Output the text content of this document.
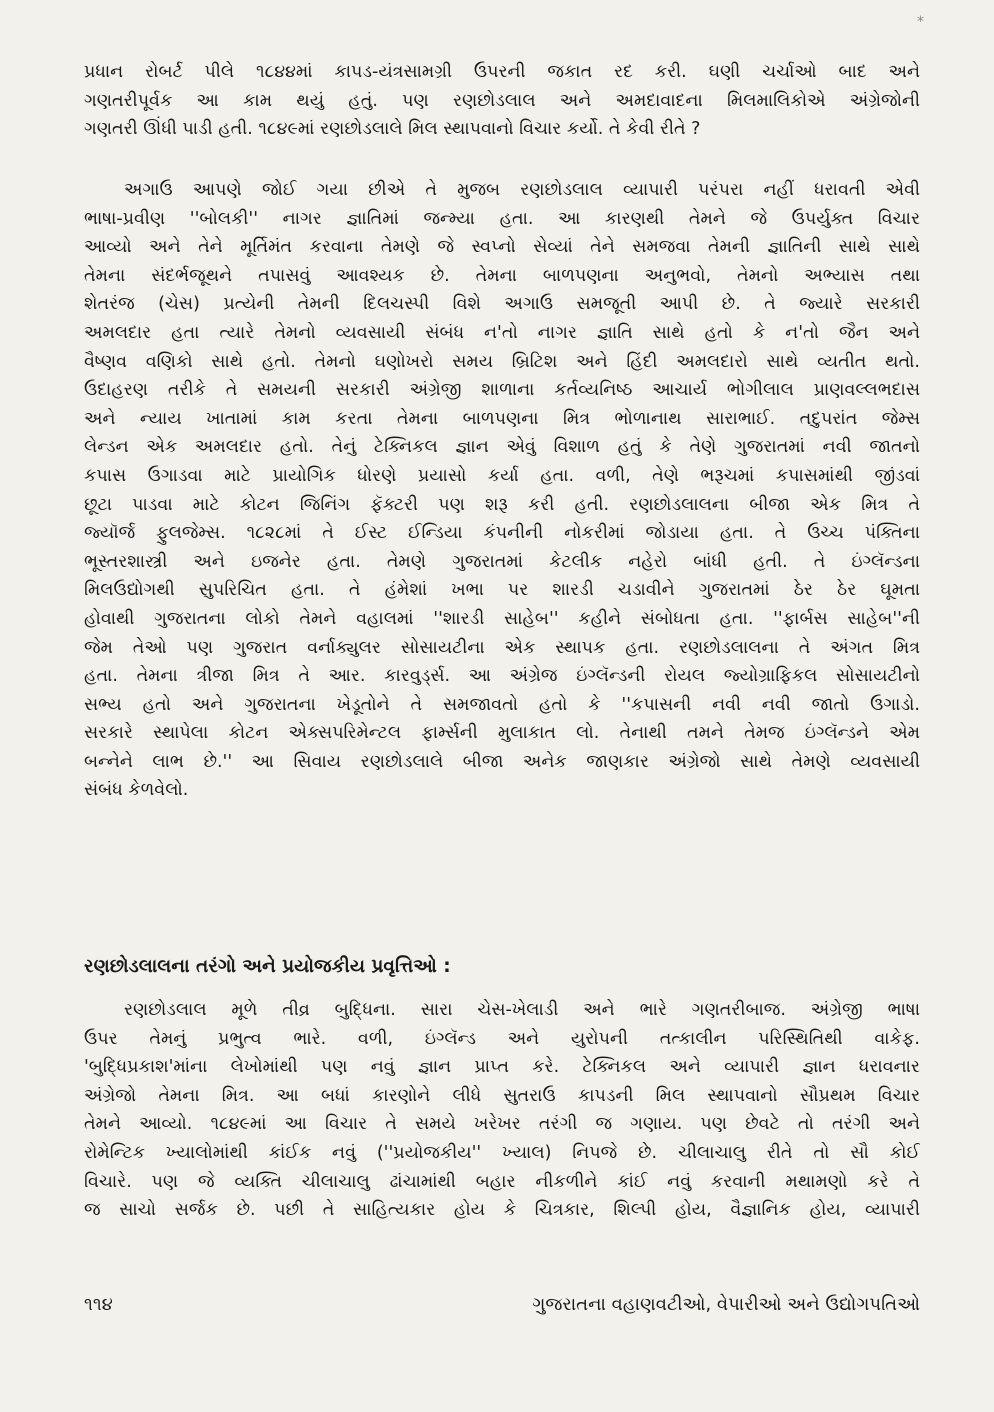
*

પ્રધાન રોબર્ટ પીલે ૧૮૪૪માં કાપડ-યંત્રસામગ્રી ઉપરની જકાત રદ કરી. ઘણી ચર્ચાઓ બાદ અને

ગણતરીપૂર્વક આ કામ થયું હતું. પણ રણછોડલાલ અને અમદાવાદના મિલમાલિકોએ અંગ્રેજોની

ગણતરી ઊંધી પાડી હતી. ૧૮૪૯માં રણછોડલાલે મિલ સ્થાપવાનો વિચાર કર્યો. તે કેવી રીતે ?

અગાઉ આપણે જોઈ ગયા છીએ તે મુજબ રણછોડલાલ વ્યાપારી પરંપરા નહીં ધરાવતી એવી

ભાષા-પ્રવીણ ''બોલકી'' નાગર જ્ઞાતિમાં જન્મ્યા હતા. આ કારણથી તેમને જે ઉપર્યુક્ત વિચાર

આવ્યો અને તેને મૂર્તિમંત કરવાના તેમણે જે સ્વપ્નો સેવ્યાં તેને સમજવા તેમની જ્ઞાતિની સાથે સાથે

તેમના સંદર્ભજૂથને તપાસવું આવશ્યક છે. તેમના બાળપણના અનુભવો, તેમનો અભ્યાસ તથા

શેતરંજ (ચેસ) પ્રત્યેની તેમની દિલચસ્પી વિશે અગાઉ સમજૂતી આપી છે. તે જ્યારે સરકારી

અમલદાર હતા ત્યારે તેમનો વ્યવસાયી સંબંધ ન'તો નાગર જ્ઞાતિ સાથે હતો કે ન'તો જૈન અને

વૈષ્ણવ વણિકો સાથે હતો. તેમનો ઘણોખરો સમય બ્રિટિશ અને હિંદી અમલદારો સાથે વ્યતીત થતો.

ઉદાહરણ તરીકે તે સમયની સરકારી અંગ્રેજી શાળાના કર્તવ્યનિષ્ઠ આચાર્ય ભોગીલાલ પ્રાણવલ્લભદાસ

અને ન્યાય ખાતામાં કામ કરતા તેમના બાળપણના મિત્ર ભોળાનાથ સારાભાઈ. તદુપરાંત જેમ્સ

લેન્ડન એક અમલદાર હતો. તેનું ટેક્નિકલ જ્ઞાન એવું વિશાળ હતું કે તેણે ગુજરાતમાં નવી જાતનો

કપાસ ઉગાડવા માટે પ્રાયોગિક ધોરણે પ્રયાસો કર્યા હતા. વળી, તેણે ભરૂચમાં કપાસમાંથી જીંડવાં

છૂટા પાડવા માટે કોટન જિનિંગ ફૅક્ટરી પણ શરૂ કરી હતી. રણછોડલાલના બીજા એક મિત્ર તે

જ્યૉર્જ ફુલજેમ્સ. ૧૮૨૮માં તે ઈસ્ટ ઈન્ડિયા કંપનીની નોકરીમાં જોડાયા હતા. તે ઉચ્ચ પંક્તિના

ભૂસ્તરશાસ્ત્રી અને ઇજનેર હતા. તેમણે ગુજરાતમાં કેટલીક નહેરો બાંધી હતી. તે ઇંગ્લૅન્ડના

મિલઉદ્યોગથી સુપરિચિત હતા. તે હંમેશાં ખભા પર શારડી ચડાવીને ગુજરાતમાં ઠેર ઠેર ઘૂમતા

હોવાથી ગુજરાતના લોકો તેમને વહાલમાં ''શારડી સાહેબ'' કહીને સંબોધતા હતા. ''ફાર્બસ સાહેબ''ની

જેમ તેઓ પણ ગુજરાત વર્નાક્યુલર સોસાયટીના એક સ્થાપક હતા. રણછોડલાલના તે અંગત મિત્ર

હતા. તેમના ત્રીજા મિત્ર તે આર. કારવુર્ડ્સ. આ અંગ્રેજ ઇંગ્લૅન્ડની રોયલ જ્યોગ્રાફિકલ સોસાયટીનો

સભ્ય હતો અને ગુજરાતના ખેડૂતોને તે સમજાવતો હતો કે ''કપાસની નવી નવી જાતો ઉગાડો.

સરકારે સ્થાપેલા કોટન એક્સપરિમેન્ટલ ફાર્મ્સની મુલાકાત લો. તેનાથી તમને તેમજ ઇંગ્લૅન્ડને એમ

બન્નેને લાભ છે.'' આ સિવાય રણછોડલાલે બીજા અનેક જાણકાર અંગ્રેજો સાથે તેમણે વ્યવસાયી

સંબંધ કેળવેલો.

રણછોડલાલના તરંગો અને પ્રયોજકીય પ્રવૃત્તિઓ :

રણછોડલાલ મૂળે તીવ્ર બુદ્ધિના. સારા ચેસ-ખેલાડી અને ભારે ગણતરીબાજ. અંગ્રેજી ભાષા

ઉપર તેમનું પ્રભુત્વ ભારે. વળી, ઇંગ્લૅન્ડ અને યુરોપની તત્કાલીન પરિસ્થિતિથી વાકેફ.

'બુદ્ધિપ્રકાશ'માંના લેખોમાંથી પણ નવું જ્ઞાન પ્રાપ્ત કરે. ટેક્નિકલ અને વ્યાપારી જ્ઞાન ધરાવનાર

અંગ્રેજો તેમના મિત્ર. આ બધાં કારણોને લીધે સુતરાઉ કાપડની મિલ સ્થાપવાનો સૌપ્રથમ વિચાર

તેમને આવ્યો. ૧૮૪૯માં આ વિચાર તે સમયે ખરેખર તરંગી જ ગણાય. પણ છેવટે તો તરંગી અને

રોમેન્ટિક ખ્યાલોમાંથી કાંઈક નવું (''પ્રયોજકીય'' ખ્યાલ) નિપજે છે. ચીલાચાલુ રીતે તો સૌ કોઈ

વિચારે. પણ જે વ્યક્તિ ચીલાચાલુ ઢાંચામાંથી બહાર નીકળીને કાંઈ નવું કરવાની મથામણો કરે તે

જ સાચો સર્જક છે. પછી તે સાહિત્યકાર હોય કે ચિત્રકાર, શિલ્પી હોય, વૈજ્ઞાનિક હોય, વ્યાપારી

૧૧૪	ગુજરાતના વહાણવટીઓ, વેપારીઓ અને ઉદ્યોગપતિઓ
